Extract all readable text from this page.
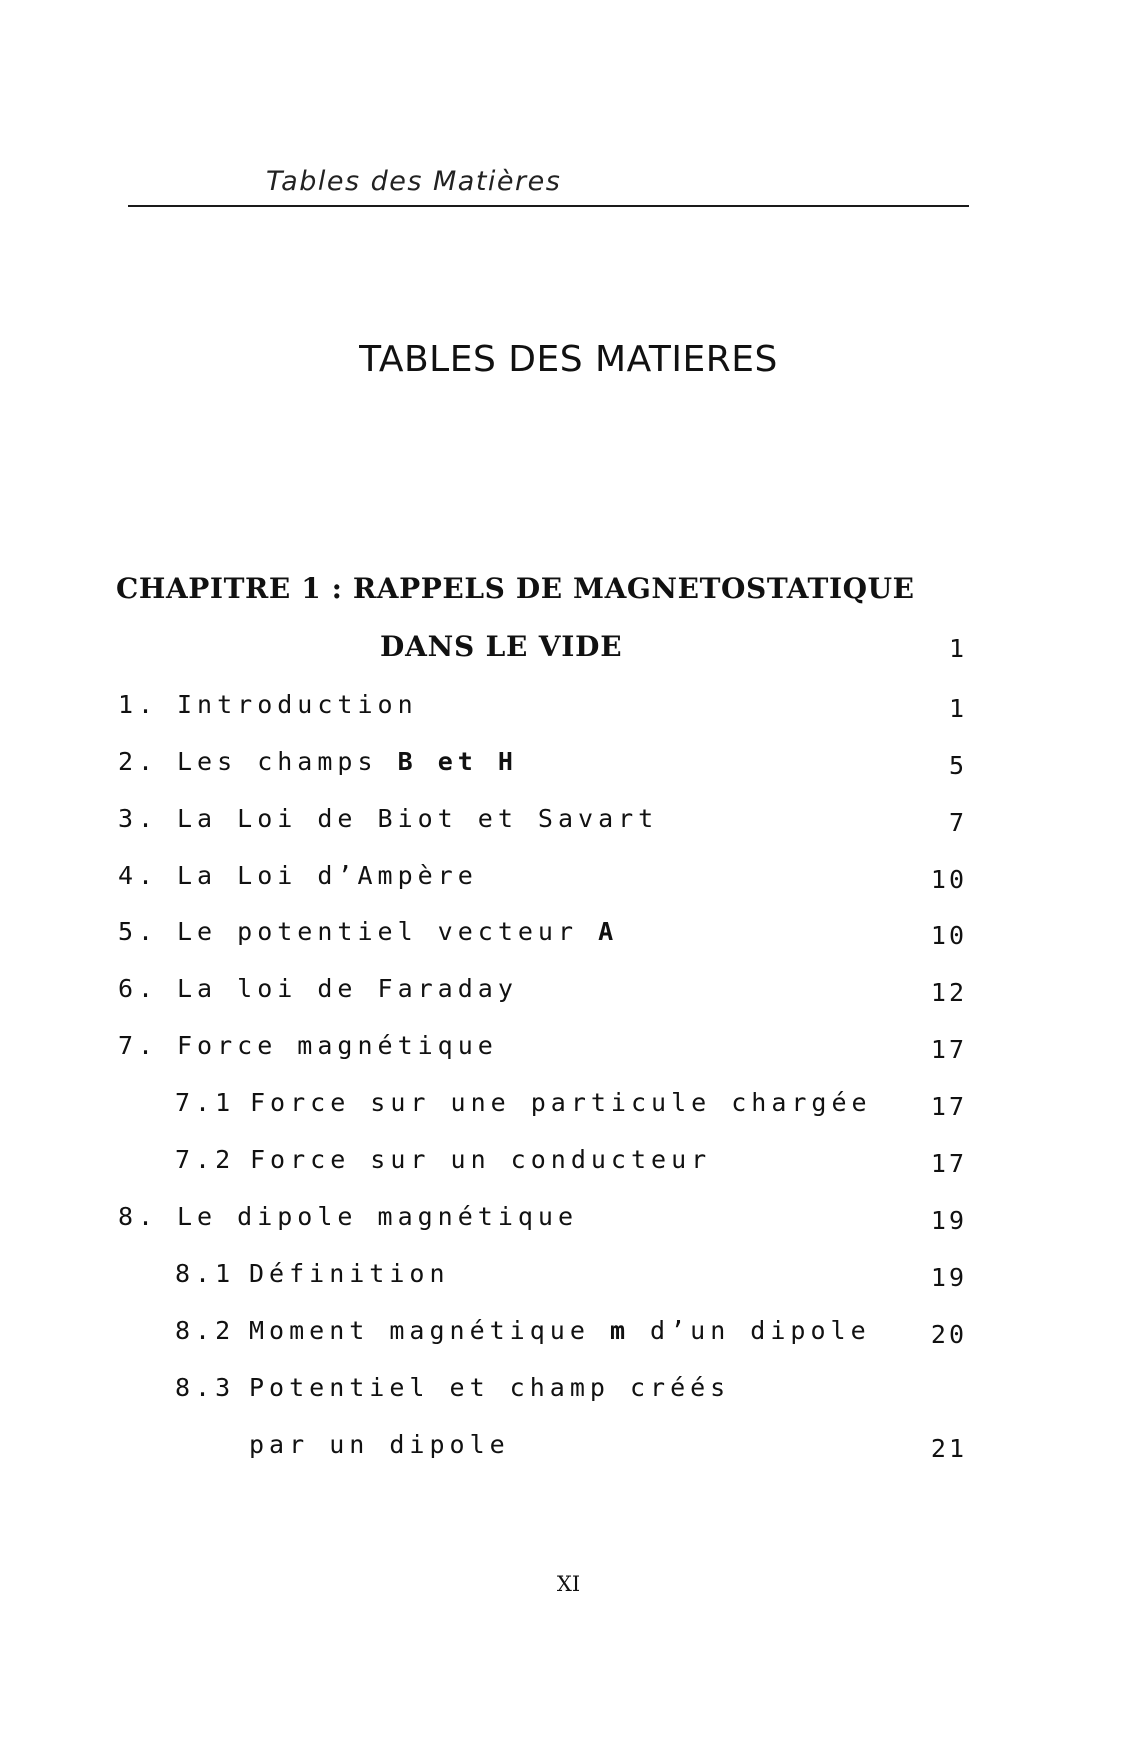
Tables des Matières
TABLES DES MATIERES
CHAPITRE 1 : RAPPELS DE MAGNETOSTATIQUE
DANS LE VIDE	1
1. Introduction	1
2. Les champs B et H	5
3. La Loi de Biot et Savart	7
4. La Loi d’Ampère	10
5. Le potentiel vecteur A	10
6. La loi de Faraday	12
7. Force magnétique	17
7.1 Force sur une particule chargée	17
7.2 Force sur un conducteur	17
8. Le dipole magnétique	19
8.1 Définition	19
8.2 Moment magnétique m d’un dipole	20
8.3 Potentiel et champ créés
par un dipole	21
XI
